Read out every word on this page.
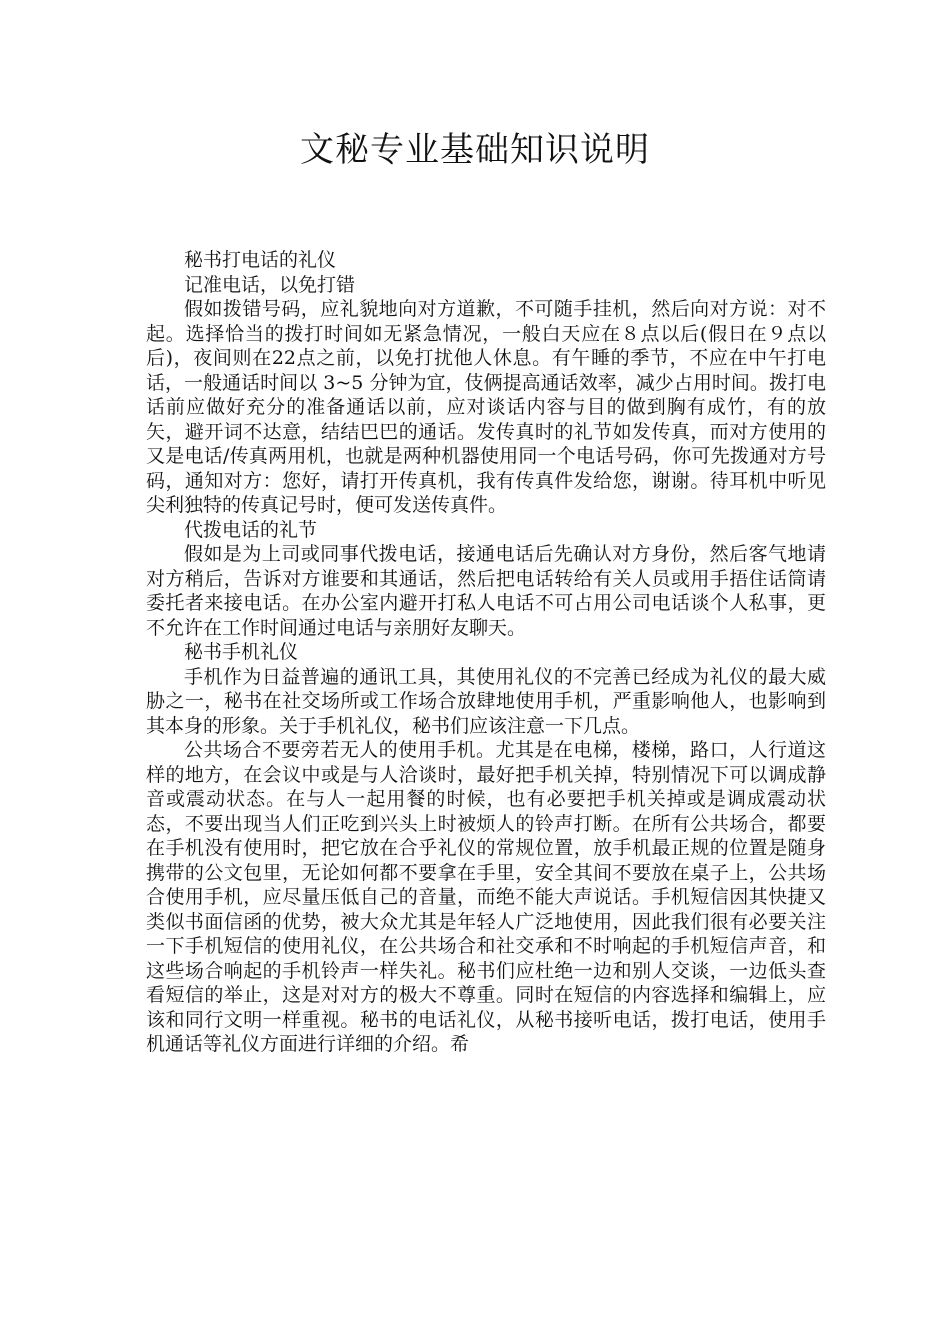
文秘专业基础知识说明

秘书打电话的礼仪

记准电话，以免打错

假如拨错号码，应礼貌地向对方道歉，不可随手挂机，然后向对方说：对不起。选择恰当的拨打时间如无紧急情况，一般白天应在８点以后(假日在９点以后)，夜间则在22点之前，以免打扰他人休息。有午睡的季节，不应在中午打电话，一般通话时间以 3~5 分钟为宜，伎俩提高通话效率，减少占用时间。拨打电话前应做好充分的准备通话以前，应对谈话内容与目的做到胸有成竹，有的放矢，避开词不达意，结结巴巴的通话。发传真时的礼节如发传真，而对方使用的又是电话/传真两用机，也就是两种机器使用同一个电话号码，你可先拨通对方号码，通知对方：您好，请打开传真机，我有传真件发给您，谢谢。待耳机中听见尖利独特的传真记号时，便可发送传真件。

代拨电话的礼节

假如是为上司或同事代拨电话，接通电话后先确认对方身份，然后客气地请对方稍后，告诉对方谁要和其通话，然后把电话转给有关人员或用手捂住话筒请委托者来接电话。在办公室内避开打私人电话不可占用公司电话谈个人私事，更不允许在工作时间通过电话与亲朋好友聊天。

秘书手机礼仪

手机作为日益普遍的通讯工具，其使用礼仪的不完善已经成为礼仪的最大威胁之一，秘书在社交场所或工作场合放肆地使用手机，严重影响他人，也影响到其本身的形象。关于手机礼仪，秘书们应该注意一下几点。

公共场合不要旁若无人的使用手机。尤其是在电梯，楼梯，路口，人行道这样的地方，在会议中或是与人洽谈时，最好把手机关掉，特别情况下可以调成静音或震动状态。在与人一起用餐的时候，也有必要把手机关掉或是调成震动状态，不要出现当人们正吃到兴头上时被烦人的铃声打断。在所有公共场合，都要在手机没有使用时，把它放在合乎礼仪的常规位置，放手机最正规的位置是随身携带的公文包里，无论如何都不要拿在手里，安全其间不要放在桌子上，公共场合使用手机，应尽量压低自己的音量，而绝不能大声说话。手机短信因其快捷又类似书面信函的优势，被大众尤其是年轻人广泛地使用，因此我们很有必要关注一下手机短信的使用礼仪，在公共场合和社交承和不时响起的手机短信声音，和这些场合响起的手机铃声一样失礼。秘书们应杜绝一边和别人交谈，一边低头查看短信的举止，这是对对方的极大不尊重。同时在短信的内容选择和编辑上，应该和同行文明一样重视。秘书的电话礼仪，从秘书接听电话，拨打电话，使用手机通话等礼仪方面进行详细的介绍。希
